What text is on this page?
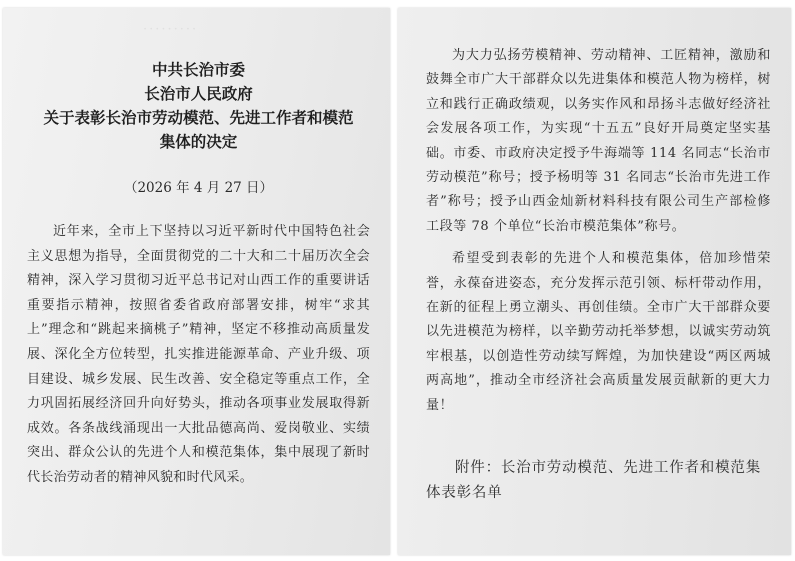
·········
中共长治市委
长治市人民政府
关于表彰长治市劳动模范、先进工作者和模范
集体的决定
（2026 年 4 月 27 日）

近年来，全市上下坚持以习近平新时代中国特色社会主义思想为指导，全面贯彻党的二十大和二十届历次全会精神，深入学习贯彻习近平总书记对山西工作的重要讲话重要指示精神，按照省委省政府部署安排，树牢“求其上”理念和“跳起来摘桃子”精神，坚定不移推动高质量发展、深化全方位转型，扎实推进能源革命、产业升级、项目建设、城乡发展、民生改善、安全稳定等重点工作，全力巩固拓展经济回升向好势头，推动各项事业发展取得新成效。各条战线涌现出一大批品德高尚、爱岗敬业、实绩突出、群众公认的先进个人和模范集体，集中展现了新时代长治劳动者的精神风貌和时代风采。

为大力弘扬劳模精神、劳动精神、工匠精神，激励和鼓舞全市广大干部群众以先进集体和模范人物为榜样，树立和践行正确政绩观，以务实作风和昂扬斗志做好经济社会发展各项工作，为实现“十五五”良好开局奠定坚实基础。市委、市政府决定授予牛海端等 114 名同志“长治市劳动模范”称号；授予杨明等 31 名同志“长治市先进工作者”称号；授予山西金灿新材料科技有限公司生产部检修工段等 78 个单位“长治市模范集体”称号。

希望受到表彰的先进个人和模范集体，倍加珍惜荣誉，永葆奋进姿态，充分发挥示范引领、标杆带动作用，在新的征程上勇立潮头、再创佳绩。全市广大干部群众要以先进模范为榜样，以辛勤劳动托举梦想，以诚实劳动筑牢根基，以创造性劳动续写辉煌，为加快建设“两区两城两高地”，推动全市经济社会高质量发展贡献新的更大力量！

附件：长治市劳动模范、先进工作者和模范集体表彰名单
